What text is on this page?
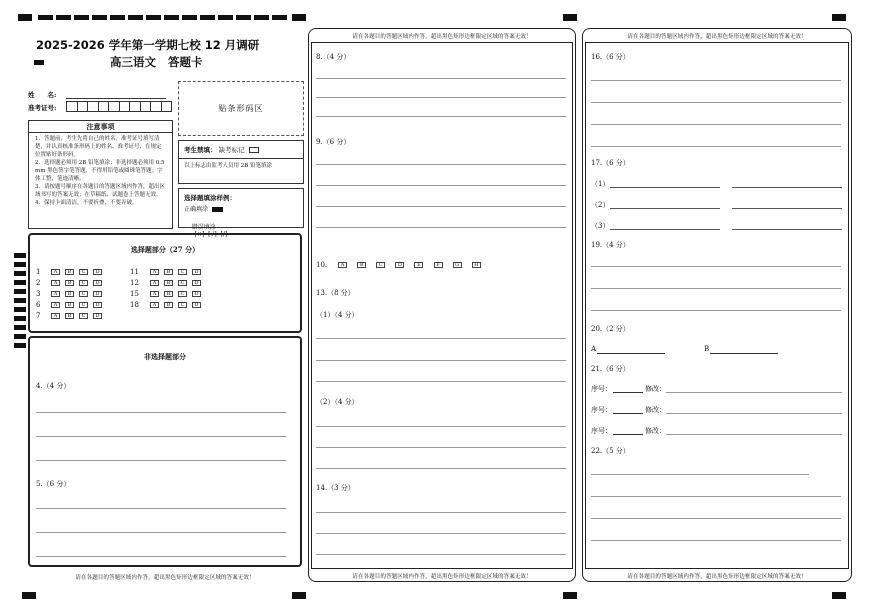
2025-2026 学年第一学期七校 12 月调研
高三语文   答题卡
姓　　名:
准考证号:	贴条形码区
注意事项
1．答题前，考生先将自己的姓名，准考证号填写清楚，并认真核准条形码上的姓名、准考证号，在规定位置贴好条形码。
2．选择题必须用 2B 铅笔填涂；非选择题必须用 0.5 mm 黑色签字笔答题，不得用铅笔或圆珠笔答题；字体工整、笔迹清晰。
3．请按题号顺序在各题目的答题区域内作答，超出区域书写的答案无效；在草稿纸、试题卷上答题无效。
4．保持卡面清洁，不要折叠、不要弄破。
考生禁填： 缺考标记
以上标志由监考人员用 2B 铅笔填涂
选择题填涂样例：
正确填涂

错误填涂
[×]  [√]  [/]

选择题部分（27 分）
1	A B C D
2	A B C D
3	A B C D
6	A B C D
7	A B C D
11	A B C D
12	A B C D
15	A B C D
18	A B C D
非选择题部分
4.（4 分）
5.（6 分）
请在各题目的答题区域内作答，超出黑色矩形边框限定区域的答案无效！
请在各题目的答题区域内作答，超出黑色矩形边框限定区域的答案无效！
8.（4 分）
9.（6 分）
10.	A	B	C	D	E	F	G	H
13.（8 分）
（1）（4 分）
（2）（4 分）
14.（3 分）
请在各题目的答题区域内作答，超出黑色矩形边框限定区域的答案无效！
请在各题目的答题区域内作答，超出黑色矩形边框限定区域的答案无效！
16.（6 分）
17.（6 分）
（1）
（2）
（3）
19.（4 分）
20.（2 分）
A	B
21.（6 分）
序号：	修改：
序号：	修改：
序号：	修改：
22.（5 分）
请在各题目的答题区域内作答，超出黑色矩形边框限定区域的答案无效！
